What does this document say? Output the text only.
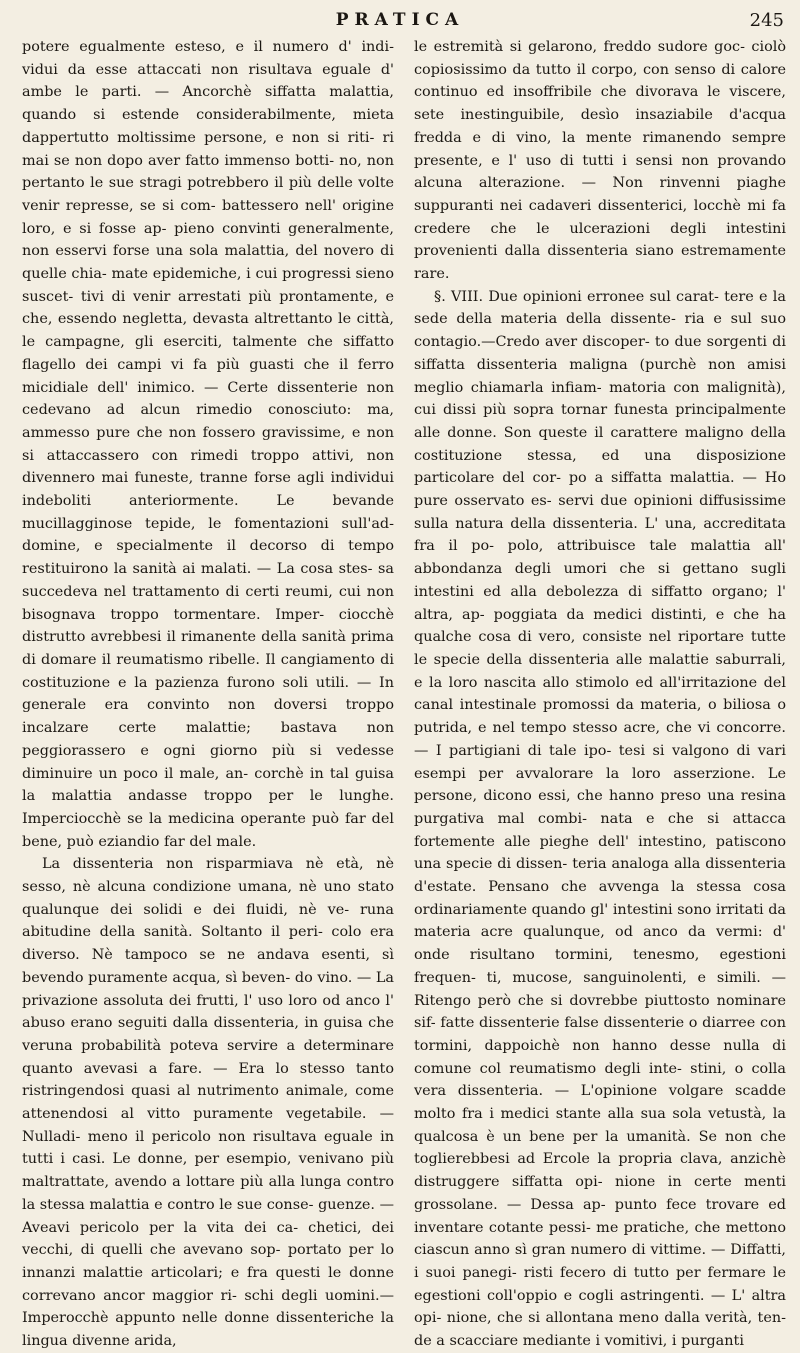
PRATICA	245

potere egualmente esteso, e il numero d' indi- vidui da esse attaccati non risultava eguale d' ambe le parti. — Ancorchè siffatta malattia, quando si estende considerabilmente, mieta dappertutto moltissime persone, e non si riti- ri mai se non dopo aver fatto immenso botti- no, non pertanto le sue stragi potrebbero il più delle volte venir represse, se si com- battessero nell' origine loro, e si fosse ap- pieno convinti generalmente, non esservi forse una sola malattia, del novero di quelle chia- mate epidemiche, i cui progressi sieno suscet- tivi di venir arrestati più prontamente, e che, essendo negletta, devasta altrettanto le città, le campagne, gli eserciti, talmente che siffatto flagello dei campi vi fa più guasti che il ferro micidiale dell' inimico. — Certe dissenterie non cedevano ad alcun rimedio conosciuto: ma, ammesso pure che non fossero gravissime, e non si attaccassero con rimedi troppo attivi, non divennero mai funeste, tranne forse agli individui indeboliti anteriormente. Le bevande mucillagginose tepide, le fomentazioni sull'ad- domine, e specialmente il decorso di tempo restituirono la sanità ai malati. — La cosa stes- sa succedeva nel trattamento di certi reumi, cui non bisognava troppo tormentare. Imper- ciocchè distrutto avrebbesi il rimanente della sanità prima di domare il reumatismo ribelle. Il cangiamento di costituzione e la pazienza furono soli utili. — In generale era convinto non doversi troppo incalzare certe malattie; bastava non peggiorassero e ogni giorno più si vedesse diminuire un poco il male, an- corchè in tal guisa la malattia andasse troppo per le lunghe. Imperciocchè se la medicina operante può far del bene, può eziandio far del male.

La dissenteria non risparmiava nè età, nè sesso, nè alcuna condizione umana, nè uno stato qualunque dei solidi e dei fluidi, nè ve- runa abitudine della sanità. Soltanto il peri- colo era diverso. Nè tampoco se ne andava esenti, sì bevendo puramente acqua, sì beven- do vino. — La privazione assoluta dei frutti, l' uso loro od anco l' abuso erano seguiti dalla dissenteria, in guisa che veruna probabilità poteva servire a determinare quanto avevasi a fare. — Era lo stesso tanto ristringendosi quasi al nutrimento animale, come attenendosi al vitto puramente vegetabile. — Nulladi- meno il pericolo non risultava eguale in tutti i casi. Le donne, per esempio, venivano più maltrattate, avendo a lottare più alla lunga contro la stessa malattia e contro le sue conse- guenze. — Aveavi pericolo per la vita dei ca- chetici, dei vecchi, di quelli che avevano sop- portato per lo innanzi malattie articolari; e fra questi le donne correvano ancor maggior ri- schi degli uomini.—Imperocchè appunto nelle donne dissenteriche la lingua divenne arida,

le estremità si gelarono, freddo sudore goc- ciolò copiosissimo da tutto il corpo, con senso di calore continuo ed insoffribile che divorava le viscere, sete inestinguibile, desìo insaziabile d'acqua fredda e di vino, la mente rimanendo sempre presente, e l' uso di tutti i sensi non provando alcuna alterazione. — Non rinvenni piaghe suppuranti nei cadaveri dissenterici, locchè mi fa credere che le ulcerazioni degli intestini provenienti dalla dissenteria siano estremamente rare.

§. VIII. Due opinioni erronee sul carat- tere e la sede della materia della dissente- ria e sul suo contagio.—Credo aver discoper- to due sorgenti di siffatta dissenteria maligna (purchè non amisi meglio chiamarla infiam- matoria con malignità), cui dissi più sopra tornar funesta principalmente alle donne. Son queste il carattere maligno della costituzione stessa, ed una disposizione particolare del cor- po a siffatta malattia. — Ho pure osservato es- servi due opinioni diffusissime sulla natura della dissenteria. L' una, accreditata fra il po- polo, attribuisce tale malattia all' abbondanza degli umori che si gettano sugli intestini ed alla debolezza di siffatto organo; l' altra, ap- poggiata da medici distinti, e che ha qualche cosa di vero, consiste nel riportare tutte le specie della dissenteria alle malattie saburrali, e la loro nascita allo stimolo ed all'irritazione del canal intestinale promossi da materia, o biliosa o putrida, e nel tempo stesso acre, che vi concorre. — I partigiani di tale ipo- tesi si valgono di vari esempi per avvalorare la loro asserzione. Le persone, dicono essi, che hanno preso una resina purgativa mal combi- nata e che si attacca fortemente alle pieghe dell' intestino, patiscono una specie di dissen- teria analoga alla dissenteria d'estate. Pensano che avvenga la stessa cosa ordinariamente quando gl' intestini sono irritati da materia acre qualunque, od anco da vermi: d' onde risultano tormini, tenesmo, egestioni frequen- ti, mucose, sanguinolenti, e simili. — Ritengo però che si dovrebbe piuttosto nominare sif- fatte dissenterie false dissenterie o diarree con tormini, dappoichè non hanno desse nulla di comune col reumatismo degli inte- stini, o colla vera dissenteria. — L'opinione volgare scadde molto fra i medici stante alla sua sola vetustà, la qualcosa è un bene per la umanità. Se non che toglierebbesi ad Ercole la propria clava, anzichè distruggere siffatta opi- nione in certe menti grossolane. — Dessa ap- punto fece trovare ed inventare cotante pessi- me pratiche, che mettono ciascun anno sì gran numero di vittime. — Diffatti, i suoi panegi- risti fecero di tutto per fermare le egestioni coll'oppio e cogli astringenti. — L' altra opi- nione, che si allontana meno dalla verità, ten- de a scacciare mediante i vomitivi, i purganti
